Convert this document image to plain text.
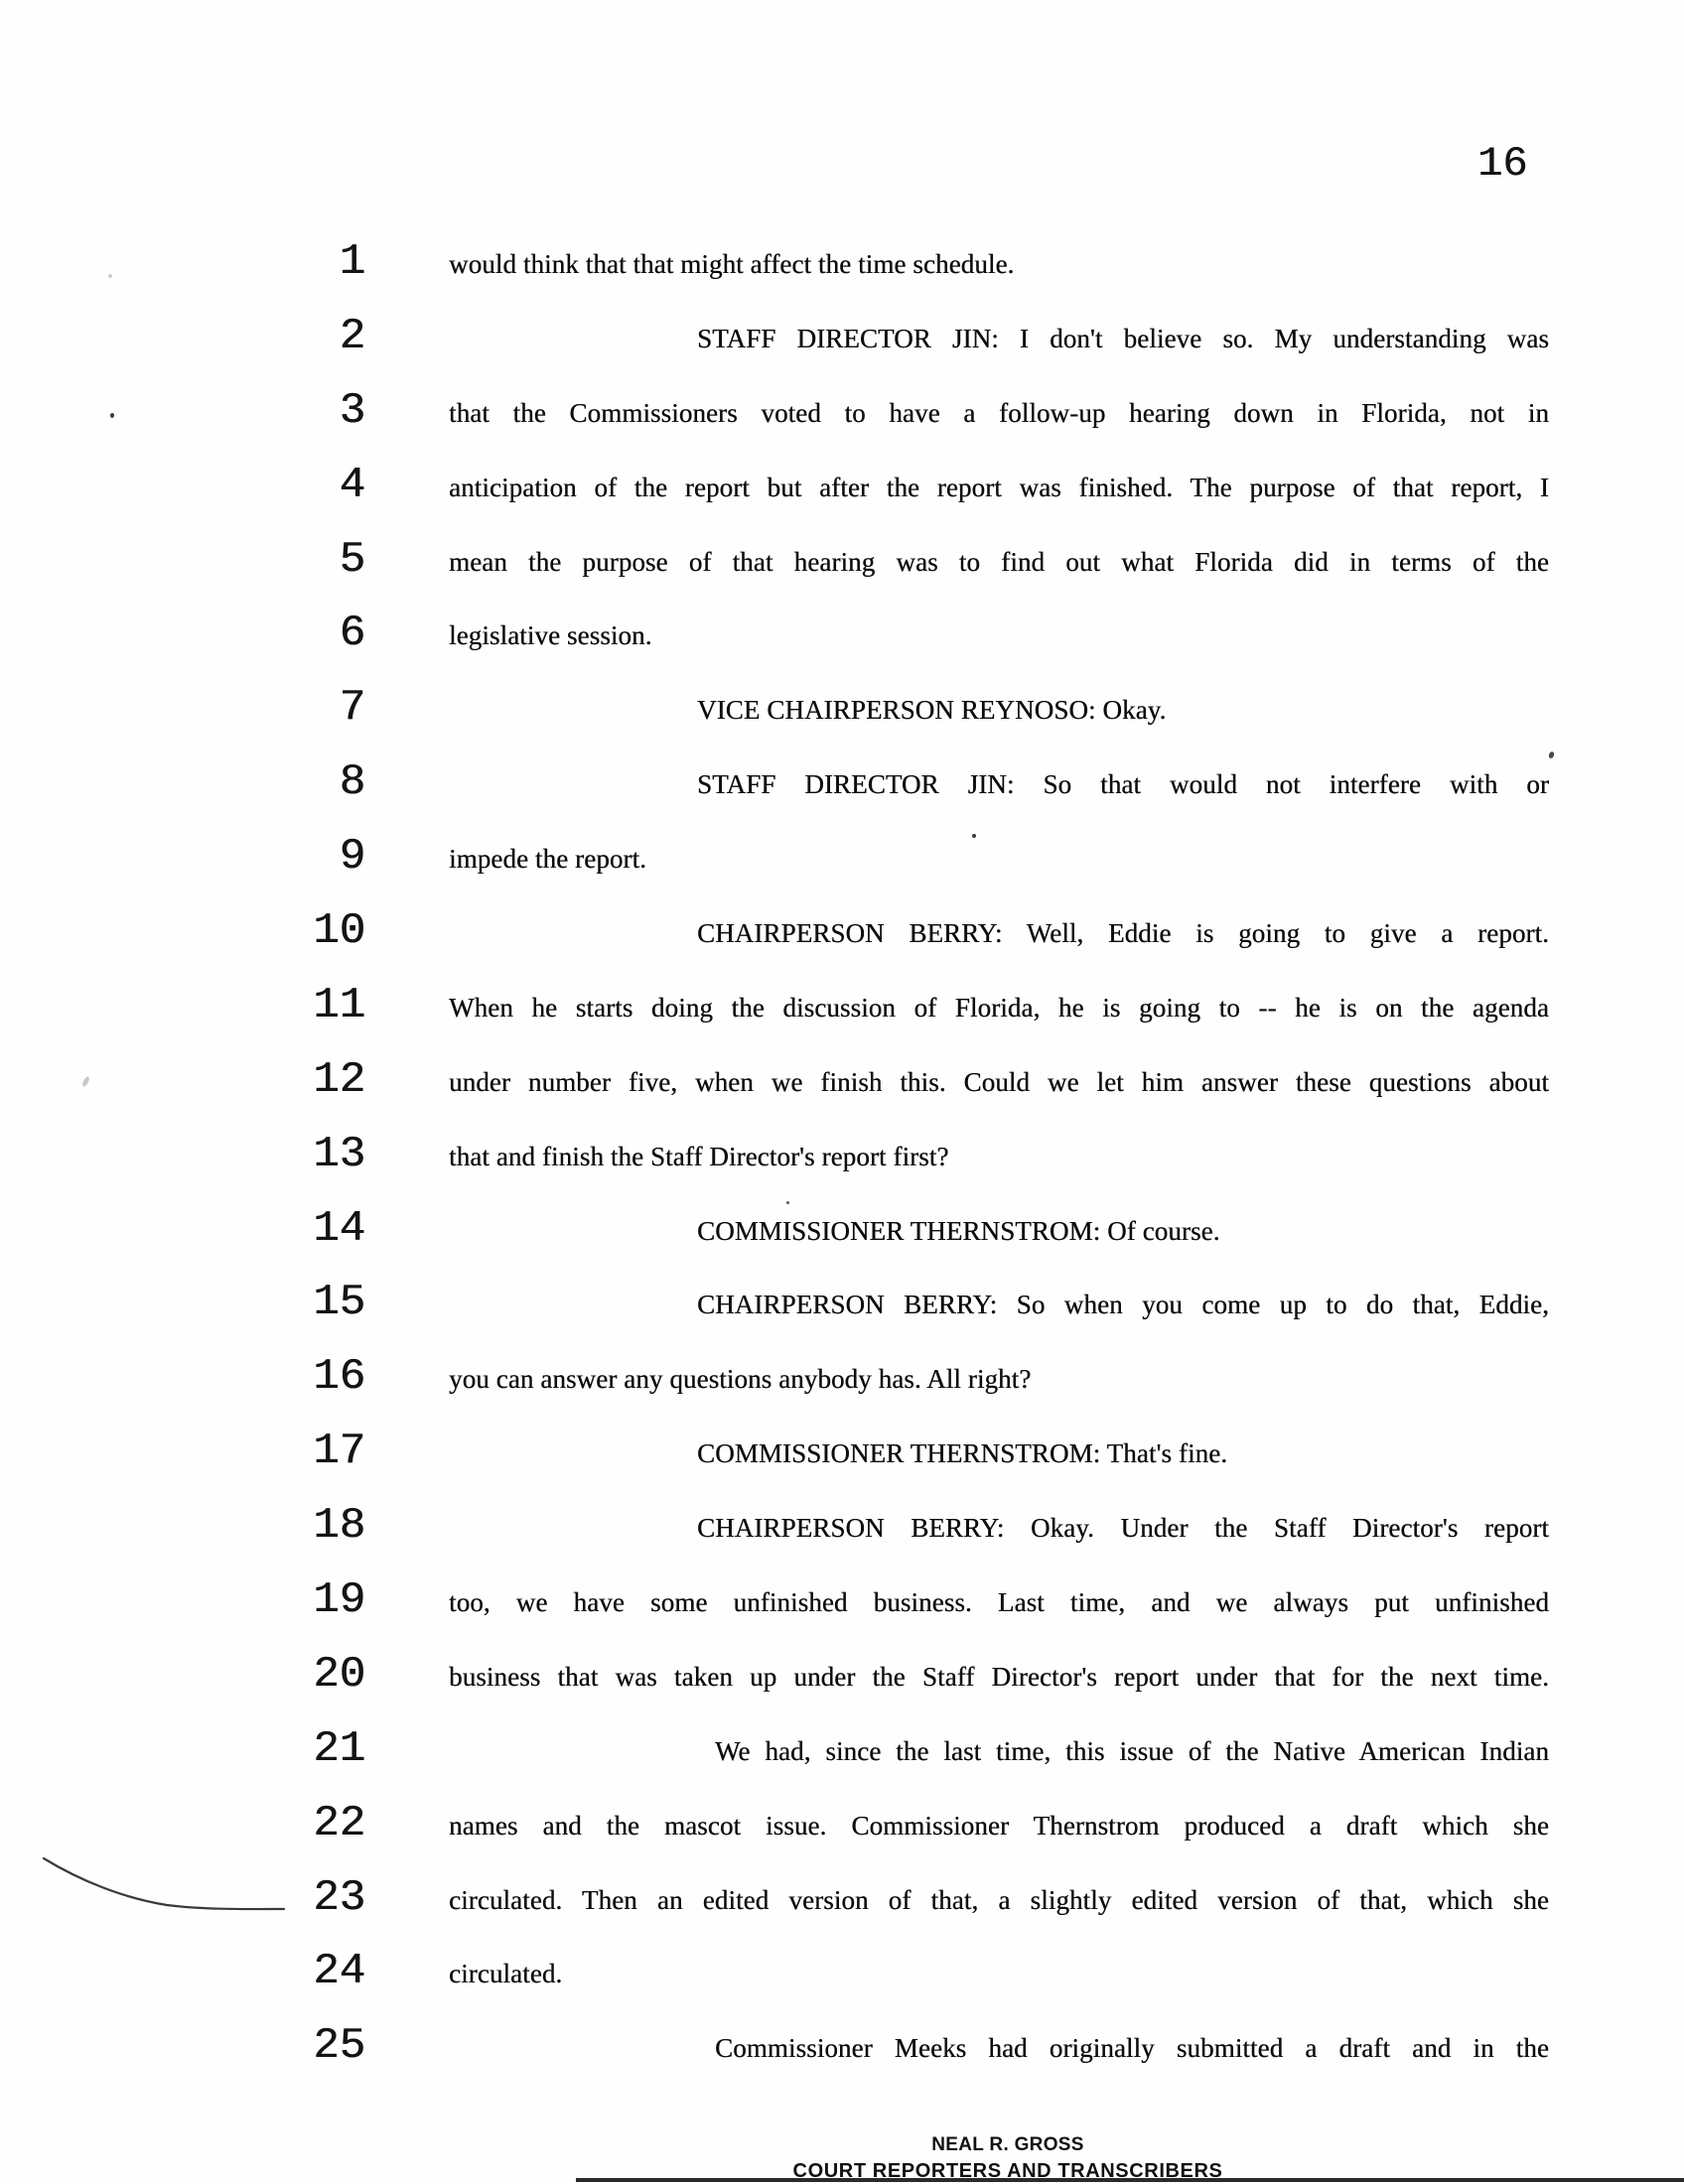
16
1	would think that that might affect the time schedule.
2	STAFF DIRECTOR JIN: I don't believe so. My understanding was
3	that the Commissioners voted to have a follow-up hearing down in Florida, not in
4	anticipation of the report but after the report was finished. The purpose of that report, I
5	mean the purpose of that hearing was to find out what Florida did in terms of the
6	legislative session.
7	VICE CHAIRPERSON REYNOSO: Okay.
8	STAFF DIRECTOR JIN: So that would not interfere with or
9	impede the report.
10	CHAIRPERSON BERRY: Well, Eddie is going to give a report.
11	When he starts doing the discussion of Florida, he is going to -- he is on the agenda
12	under number five, when we finish this. Could we let him answer these questions about
13	that and finish the Staff Director's report first?
14	COMMISSIONER THERNSTROM: Of course.
15	CHAIRPERSON BERRY: So when you come up to do that, Eddie,
16	you can answer any questions anybody has. All right?
17	COMMISSIONER THERNSTROM: That's fine.
18	CHAIRPERSON BERRY: Okay. Under the Staff Director's report
19	too, we have some unfinished business. Last time, and we always put unfinished
20	business that was taken up under the Staff Director's report under that for the next time.
21	We had, since the last time, this issue of the Native American Indian
22	names and the mascot issue. Commissioner Thernstrom produced a draft which she
23	circulated. Then an edited version of that, a slightly edited version of that, which she
24	circulated.
25	Commissioner Meeks had originally submitted a draft and in the
NEAL R. GROSS
COURT REPORTERS AND TRANSCRIBERS
